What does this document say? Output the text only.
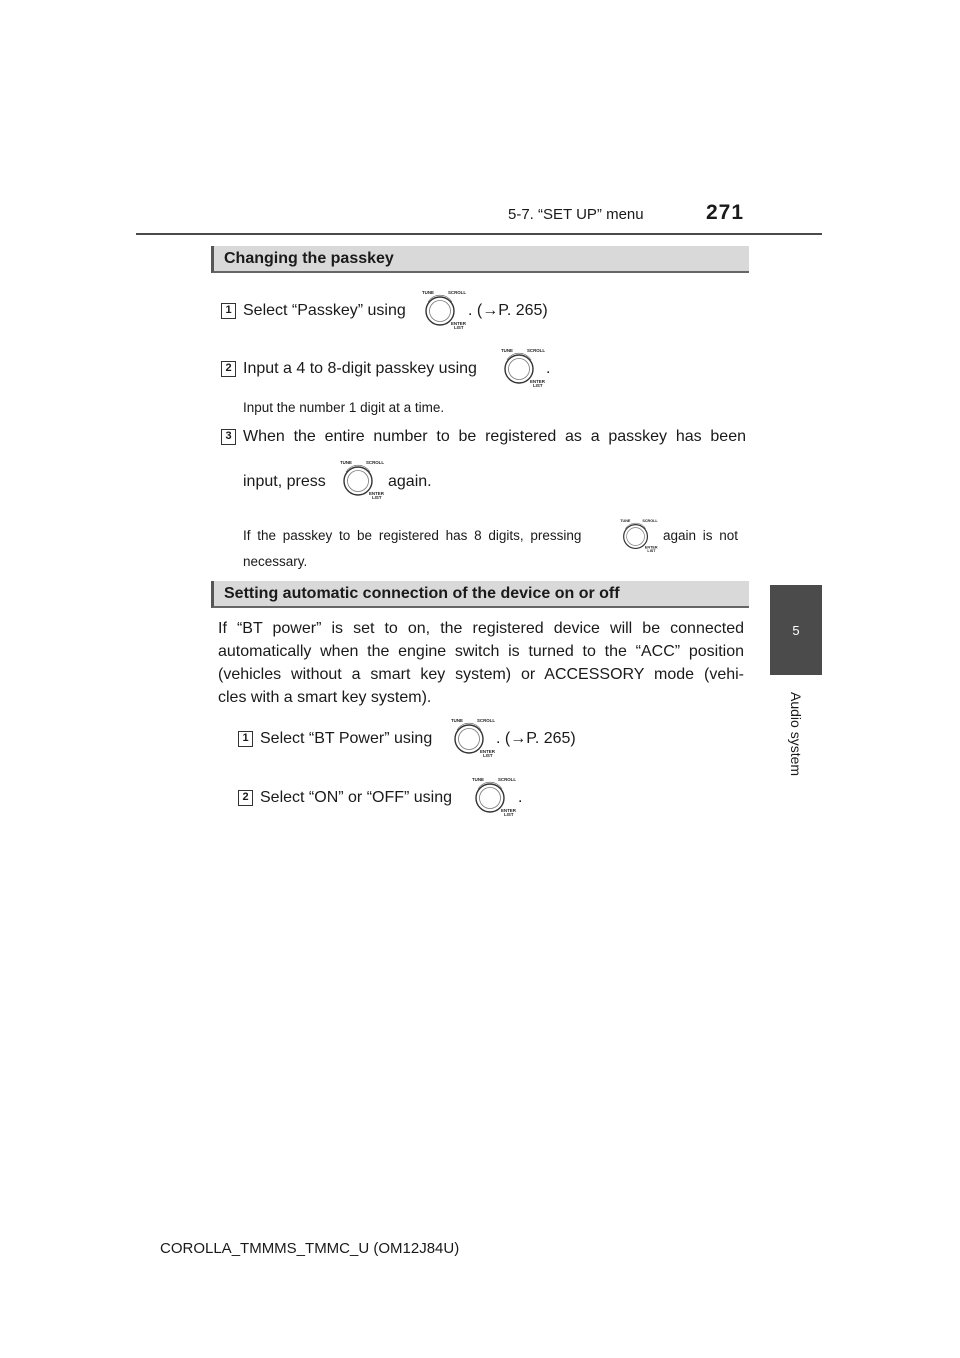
5-7. “SET UP” menu	271
5
Audio system
Changing the passkey
1 Select “Passkey” using
TUNE	SCROLL
ENTER
LIST
. (→P. 265)
2 Input a 4 to 8-digit passkey using
TUNE	SCROLL
ENTER
LIST
.
Input the number 1 digit at a time.
3 When the entire number to be registered as a passkey has been
input, press
TUNE	SCROLL
ENTER
LIST
again.
If the passkey to be registered has 8 digits, pressing
TUNE	SCROLL
ENTER
LIST
again is not
necessary.
Setting automatic connection of the device on or off
If “BT power” is set to on, the registered device will be connected
automatically when the engine switch is turned to the “ACC” position
(vehicles without a smart key system) or ACCESSORY mode (vehi-
cles with a smart key system).
1 Select “BT Power” using
TUNE	SCROLL
ENTER
LIST
. (→P. 265)
2 Select “ON” or “OFF” using
TUNE	SCROLL
ENTER
LIST
.
COROLLA_TMMMS_TMMC_U (OM12J84U)
